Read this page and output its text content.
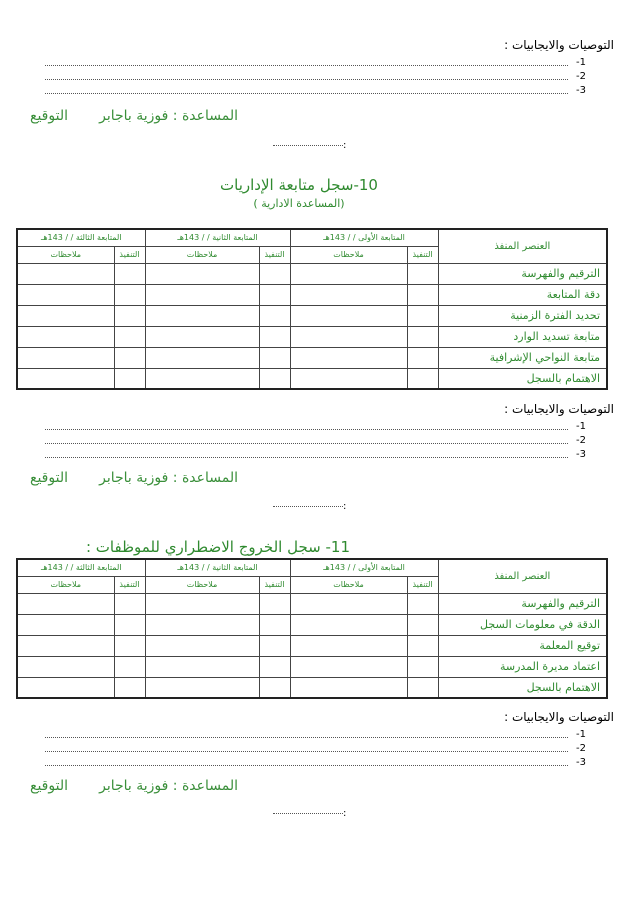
التوصيات والايجابيات :
-1
-2
-3
المساعدة : فوزية باجابر
التوقيع
:
10-سجل متابعة الإداريات
(المساعدة الادارية )
المتابعة الثالثة / / 143هـ		المتابعة الثانية / / 143هـ		المتابعة الأولى / / 143هـ		العنصر المنفذ
ملاحظات	التنفيذ	ملاحظات	التنفيذ	ملاحظات	التنفيذ	
						الترقيم والفهرسة
						دقة المتابعة
						تحديد الفترة الزمنية
						متابعة تسديد الوارد
						متابعة النواحي الإشرافية
						الاهتمام بالسجل
التوصيات والايجابيات :
-1
-2
-3
المساعدة : فوزية باجابر
التوقيع
:
11- سجل الخروج الاضطراري للموظفات :
المتابعة الثالثة / / 143هـ		المتابعة الثانية / / 143هـ		المتابعة الأولى / / 143هـ		العنصر المنفذ
ملاحظات	التنفيذ	ملاحظات	التنفيذ	ملاحظات	التنفيذ	
						الترقيم والفهرسة
						الدقة في معلومات السجل
						توقيع المعلمة
						اعتماد مديرة المدرسة
						الاهتمام بالسجل
التوصيات والايجابيات :
-1
-2
-3
المساعدة : فوزية باجابر
التوقيع
:
